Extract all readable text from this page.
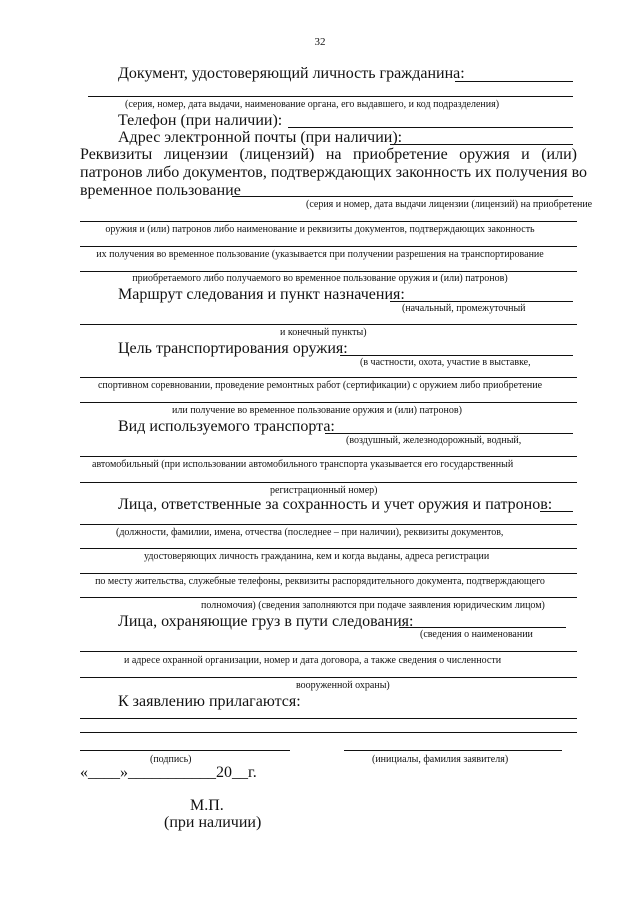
32
Документ, удостоверяющий личность гражданина:
(серия, номер, дата выдачи, наименование органа, его выдавшего, и код подразделения)
Телефон (при наличии):
Адрес электронной почты (при наличии):
Реквизиты лицензии (лицензий) на приобретение оружия и (или)
патронов либо документов, подтверждающих законность их получения во
временное пользование
(серия и номер, дата выдачи лицензии (лицензий) на приобретение
оружия и (или) патронов либо наименование и реквизиты документов, подтверждающих законность
их получения во временное пользование (указывается при получении разрешения на транспортирование
приобретаемого либо получаемого во временное пользование оружия и (или) патронов)
Маршрут следования и пункт назначения:
(начальный, промежуточный
и конечный пункты)
Цель транспортирования оружия:
(в частности, охота, участие в выставке,
спортивном соревновании, проведение ремонтных работ (сертификации) с оружием либо приобретение
или получение во временное пользование оружия и (или) патронов)
Вид используемого транспорта:
(воздушный, железнодорожный, водный,
автомобильный (при использовании автомобильного транспорта указывается его государственный
регистрационный номер)
Лица, ответственные за сохранность и учет оружия и патронов:
(должности, фамилии, имена, отчества (последнее – при наличии), реквизиты документов,
удостоверяющих личность гражданина, кем и когда выданы, адреса регистрации
по месту жительства, служебные телефоны, реквизиты распорядительного документа, подтверждающего
полномочия) (сведения заполняются при подаче заявления юридическим лицом)
Лица, охраняющие груз в пути следования:
(сведения о наименовании
и адресе охранной организации, номер и дата договора, а также сведения о численности
вооруженной охраны)
К заявлению прилагаются:
(подпись)	(инициалы, фамилия заявителя)
«____»___________20__г.
М.П.
(при наличии)
